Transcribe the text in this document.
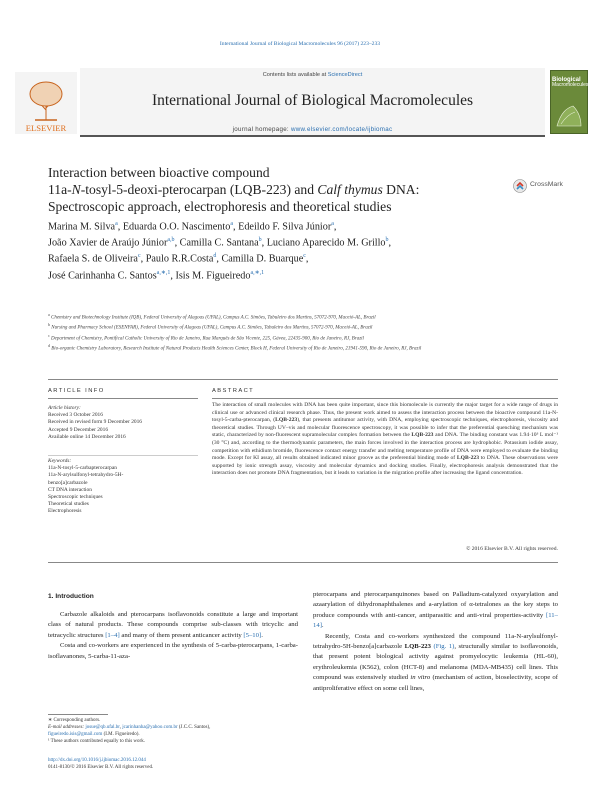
International Journal of Biological Macromolecules 96 (2017) 223–233
ELSEVIER
Contents lists available at ScienceDirect
International Journal of Biological Macromolecules
journal homepage: www.elsevier.com/locate/ijbiomac
Biological
Macromolecules
Interaction between bioactive compound
11a-N-tosyl-5-deoxi-pterocarpan (LQB-223) and Calf thymus DNA:
Spectroscopic approach, electrophoresis and theoretical studies
CrossMark
Marina M. Silva$^a$, Eduarda O.O. Nascimento$^a$, Edeildo F. Silva Júnior$^a$,
João Xavier de Araújo Júnior$^{a,b}$, Camilla C. Santana$^b$, Luciano Aparecido M. Grillo$^b$,
Rafaela S. de Oliveira$^c$, Paulo R.R.Costa$^d$, Camilla D. Buarque$^c$,
José Carinhanha C. Santos$^{a,∗,1}$, Isis M. Figueiredo$^{a,∗,1}$
$^a$ Chemistry and Biotechnology Institute (IQB), Federal University of Alagoas (UFAL), Campus A.C. Simões, Tabuleiro dos Martins, 57072-970, Maceió-AL, Brazil
$^b$ Nursing and Pharmacy School (ESENFAR), Federal University of Alagoas (UFAL), Campus A.C. Simões, Tabuleiro dos Martins, 57072-970, Maceió-AL, Brazil
$^c$ Department of Chemistry, Pontifical Catholic University of Rio de Janeiro, Rua Marquês de São Vicente, 225, Gávea, 22435-900, Rio de Janeiro, RJ, Brazil
$^d$ Bio-organic Chemistry Laboratory, Research Institute of Natural Products Health Sciences Center, Block H, Federal University of Rio de Janeiro, 21941-590, Rio de Janeiro, RJ, Brazil
ARTICLE INFO	ABSTRACT
Article history:
Received 3 October 2016
Received in revised form 9 December 2016
Accepted 9 December 2016
Available online 14 December 2016
Keywords:
11a-N-tosyl-5-carbapterocarpan
11a-N-arylsulfonyl-tetrahydro-5H-
benzo[a]carbazole
CT DNA interaction
Spectroscopic techniques
Theoretical studies
Electrophoresis
The interaction of small molecules with DNA has been quite important, since this biomolecule is currently the major target for a wide range of drugs in clinical use or advanced clinical research phase. Thus, the present work aimed to assess the interaction process between the bioactive compound 11a-N-tosyl-5-carba-pterocarpan, (LQB-223), that presents antitumor activity, with DNA, employing spectroscopic techniques, electrophoresis, viscosity and theoretical studies. Through UV–vis and molecular fluorescence spectroscopy, it was possible to infer that the preferential quenching mechanism was static, characterized by non-fluorescent supramolecular complex formation between the LQB-223 and DNA. The binding constant was 1.94·10³ L mol⁻¹ (30 °C) and, according to the thermodynamic parameters, the main forces involved in the interaction process are hydrophobic. Potassium iodide assay, competition with ethidium bromide, fluorescence contact energy transfer and melting temperature profile of DNA were employed to evaluate the binding mode. Except for KI assay, all results obtained indicated minor groove as the preferential binding mode of LQB-223 to DNA. These observations were supported by ionic strength assay, viscosity and molecular dynamics and docking studies. Finally, electrophoresis analysis demonstrated that the interaction does not promote DNA fragmentation, but it leads to variation in the migration profile after increasing the ligand concentration.
© 2016 Elsevier B.V. All rights reserved.
1. Introduction

Carbazole alkaloids and pterocarpans isoflavonoids constitute a large and important class of natural products. These compounds comprise sub-classes with tricyclic and tetracyclic structures [1–4] and many of them present anticancer activity [5–10].

Costa and co-workers are experienced in the synthesis of 5-carba-pterocarpans, 1-carba-isoflavanones, 5-carba-11-aza-

pterocarpans and pterocarpanquinones based on Palladium-catalyzed oxyarylation and azaarylation of dihydronaphthalenes and a-arylation of α-tetralones as the key steps to produce compounds with anti-cancer, antiparasitic and anti-viral properties-activity [11–14].

Recently, Costa and co-workers synthesized the compound 11a-N-arylsulfonyl-tetrahydro-5H-benzo[a]carbazole LQB-223 (Fig. 1), structurally similar to isoflavonoids, that present potent biological activity against promyelocytic leukemia (HL-60), erythroleukemia (K562), colon (HCT-8) and melanoma (MDA-MB435) cell lines. This compound was extensively studied in vitro (mechanism of action, bioselectivity, scope of antiproliferative effect on some cell lines,

∗ Corresponding authors.
E-mail addresses: josue@qb.ufal.br, jcarinhanha@yahoo.com.br (J.C.C. Santos),
figueiredo.isis@gmail.com (I.M. Figueiredo).
¹ These authors contributed equally to this work.
http://dx.doi.org/10.1016/j.ijbiomac.2016.12.044
0141-8130/© 2016 Elsevier B.V. All rights reserved.
